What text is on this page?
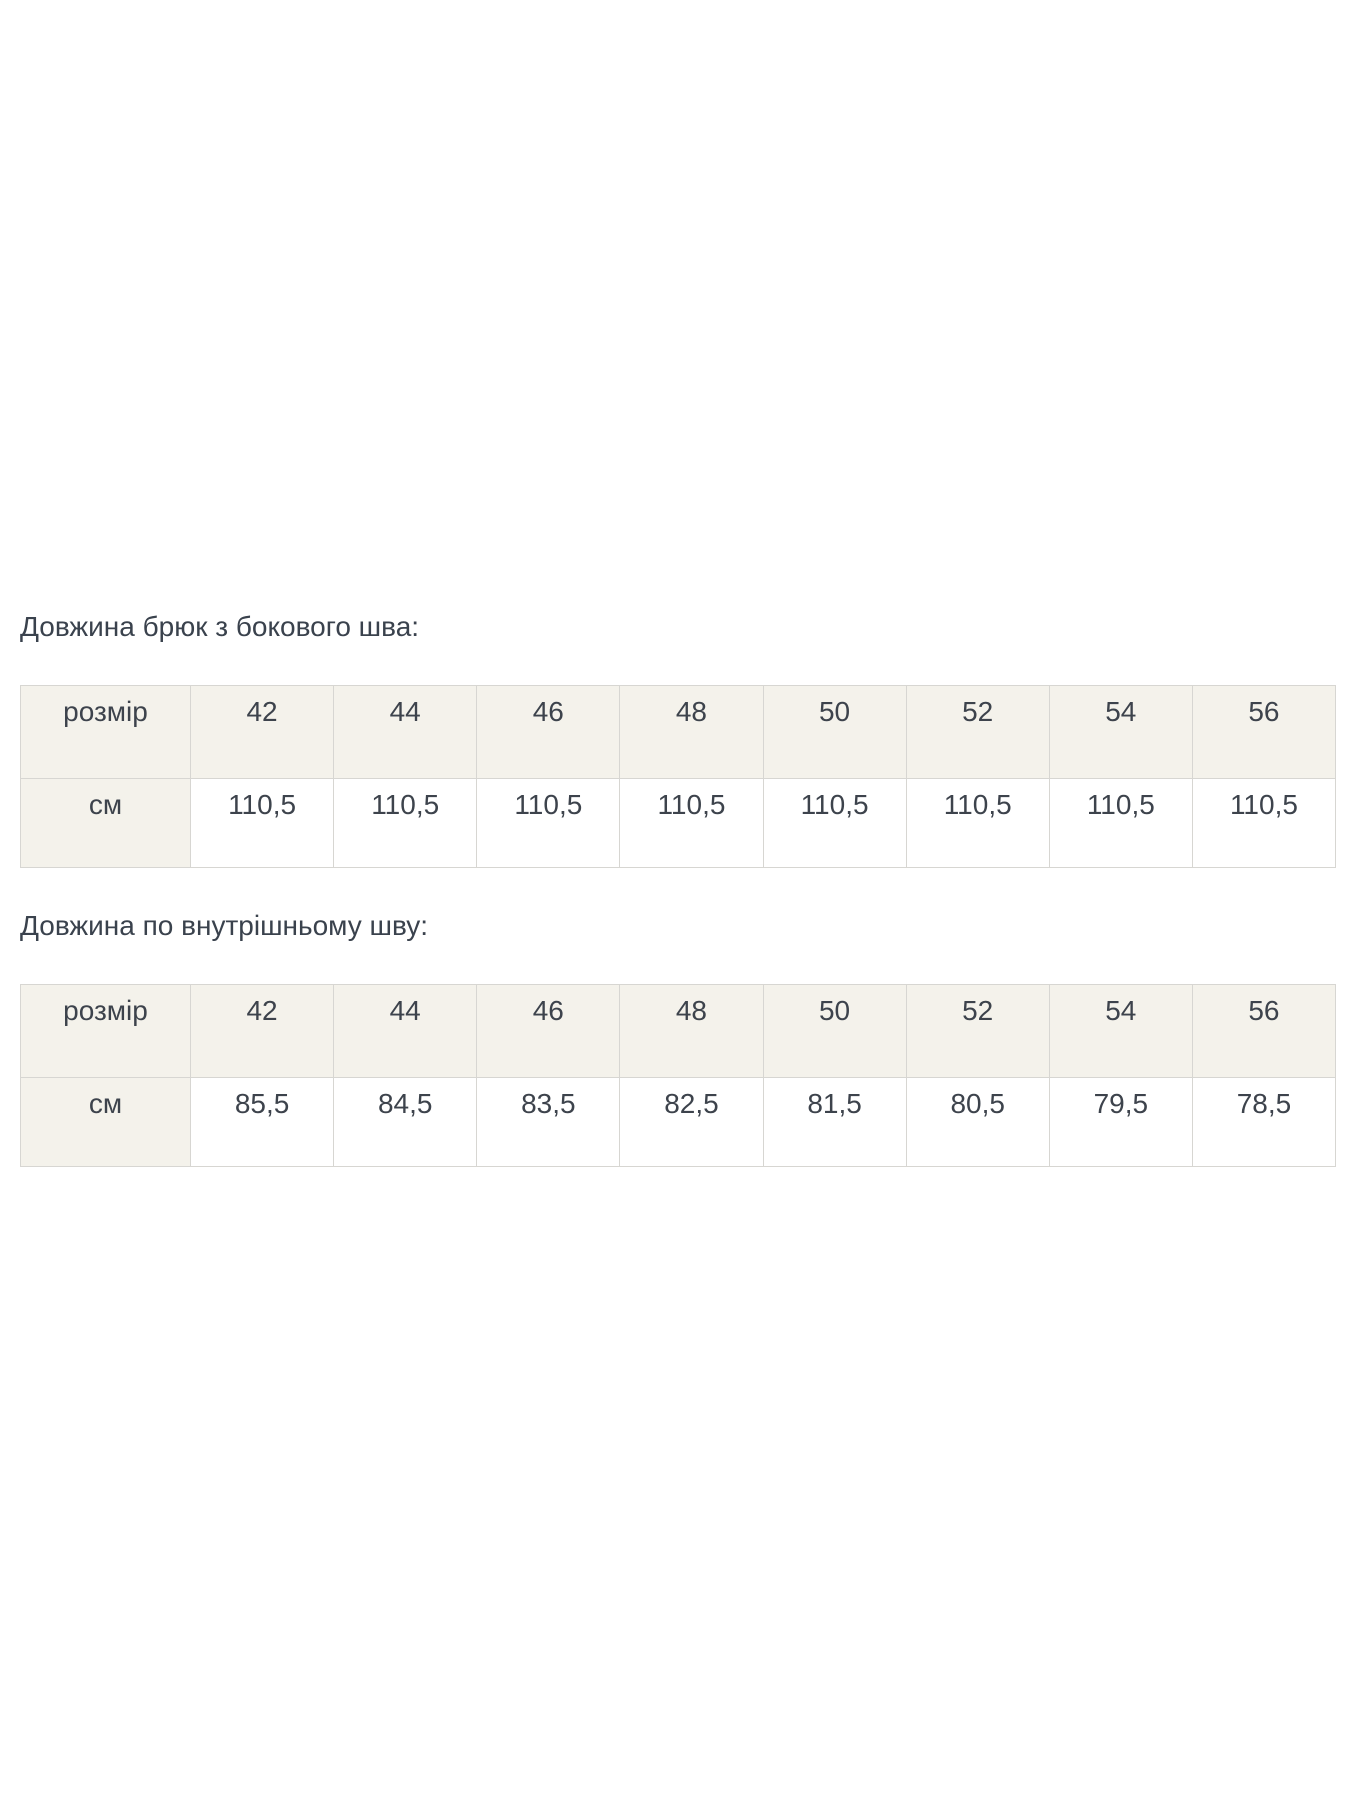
Довжина брюк з бокового шва:
розмір	42	44	46	48	50	52	54	56
см	110,5	110,5	110,5	110,5	110,5	110,5	110,5	110,5
Довжина по внутрішньому шву:
розмір	42	44	46	48	50	52	54	56
см	85,5	84,5	83,5	82,5	81,5	80,5	79,5	78,5
